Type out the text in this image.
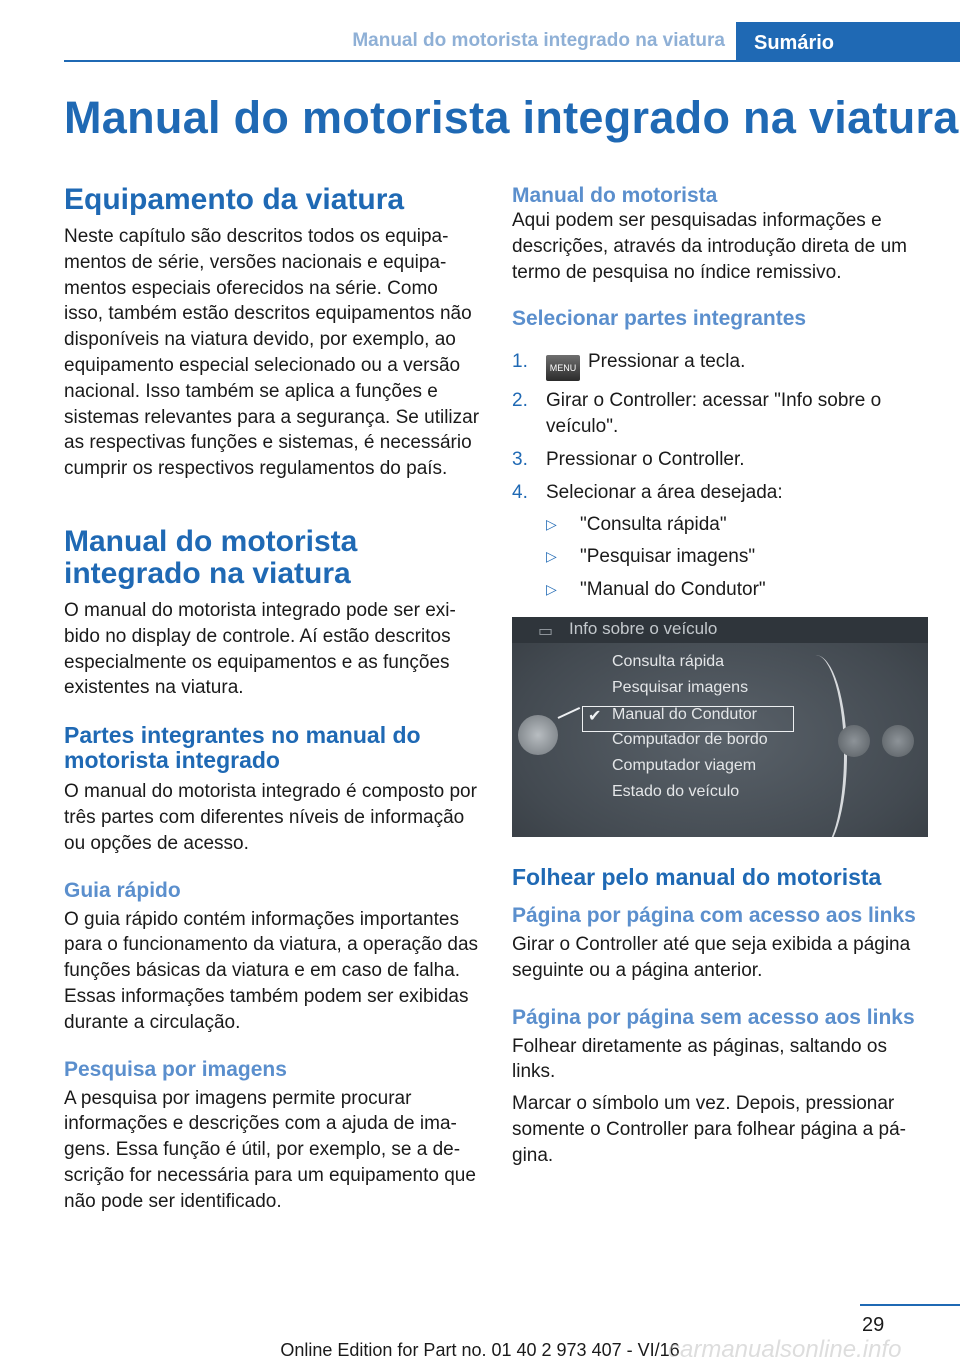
Manual do motorista integrado na viatura	Sumário
Manual do motorista integrado na viatura
Equipamento da viatura

Neste capítulo são descritos todos os equipamentos de série, versões nacionais e equipamentos especiais oferecidos na série. Como isso, também estão descritos equipamentos não disponíveis na viatura devido, por exemplo, ao equipamento especial selecionado ou a versão nacional. Isso também se aplica a funções e sistemas relevantes para a segurança. Se utilizar as respectivas funções e sistemas, é necessário cumprir os respectivos regulamentos do país.

Manual do motorista integrado na viatura

O manual do motorista integrado pode ser exibido no display de controle. Aí estão descritos especialmente os equipamentos e as funções existentes na viatura.

Partes integrantes no manual do motorista integrado

O manual do motorista integrado é composto por três partes com diferentes níveis de informação ou opções de acesso.

Guia rápido

O guia rápido contém informações importantes para o funcionamento da viatura, a operação das funções básicas da viatura e em caso de falha. Essas informações também podem ser exibidas durante a circulação.

Pesquisa por imagens

A pesquisa por imagens permite procurar informações e descrições com a ajuda de imagens. Essa função é útil, por exemplo, se a descrição for necessária para um equipamento que não pode ser identificado.

Manual do motorista

Aqui podem ser pesquisadas informações e descrições, através da introdução direta de um termo de pesquisa no índice remissivo.

Selecionar partes integrantes
1. MENU Pressionar a tecla.
2. Girar o Controller: acessar "Info sobre o veículo".
3. Pressionar o Controller.
4. Selecionar a área desejada:
▷ "Consulta rápida"
▷ "Pesquisar imagens"
▷ "Manual do Condutor"
▭ Info sobre o veículo
Consulta rápida
Pesquisar imagens
✔ Manual do Condutor
Computador de bordo
Computador viagem
Estado do veículo
Folhear pelo manual do motorista
Página por página com acesso aos links

Girar o Controller até que seja exibida a página seguinte ou a página anterior.

Página por página sem acesso aos links

Folhear diretamente as páginas, saltando os links.

Marcar o símbolo um vez. Depois, pressionar somente o Controller para folhear página a página.

29
Online Edition for Part no. 01 40 2 973 407 - VI/16
carmanualsonline.info
